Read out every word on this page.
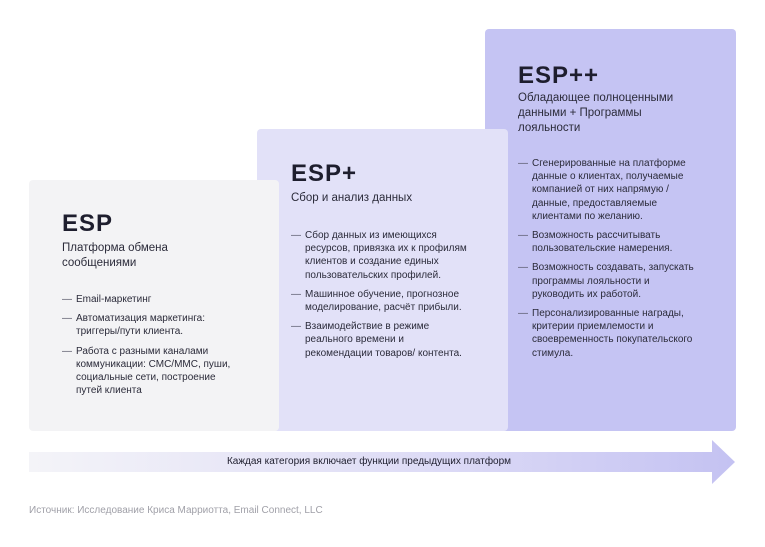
ESP

Платформа обмена сообщениями

— Email-маркетинг
— Автоматизация маркетинга: триггеры/пути клиента.
— Работа с разными каналами коммуникации: СМС/ММС, пуши, социальные сети, построение путей клиента
ESP+

Сбор и анализ данных

— Сбор данных из имеющихся ресурсов, привязка их к профилям клиентов и создание единых пользовательских профилей.
— Машинное обучение, прогнозное моделирование, расчёт прибыли.
— Взаимодействие в режиме реального времени и рекомендации товаров/ контента.
ESP++

Обладающее полноценными данными + Программы лояльности

— Сгенерированные на платформе данные о клиентах, получаемые компанией от них напрямую / данные, предоставляемые клиентами по желанию.
— Возможность рассчитывать пользовательские намерения.
— Возможность создавать, запускать программы лояльности и руководить их работой.
— Персонализированные награды, критерии приемлемости и своевременность покупательского стимула.
Каждая категория включает функции предыдущих платформ
Источник: Исследование Криса Марриотта, Email Connect, LLC
